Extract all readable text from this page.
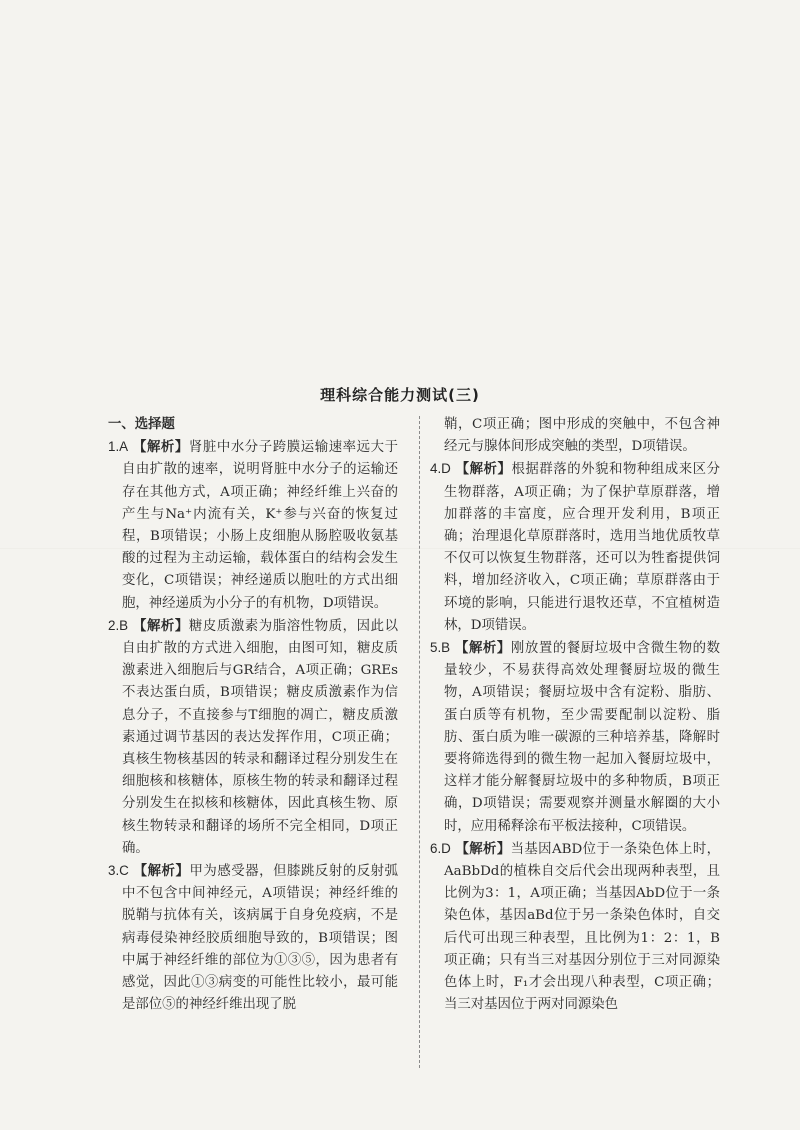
理科综合能力测试(三)
一、选择题
1.A 【解析】肾脏中水分子跨膜运输速率远大于自由扩散的速率，说明肾脏中水分子的运输还存在其他方式，A项正确；神经纤维上兴奋的产生与Na⁺内流有关，K⁺参与兴奋的恢复过程，B项错误；小肠上皮细胞从肠腔吸收氨基酸的过程为主动运输，载体蛋白的结构会发生变化，C项错误；神经递质以胞吐的方式出细胞，神经递质为小分子的有机物，D项错误。
2.B 【解析】糖皮质激素为脂溶性物质，因此以自由扩散的方式进入细胞，由图可知，糖皮质激素进入细胞后与GR结合，A项正确；GREs不表达蛋白质，B项错误；糖皮质激素作为信息分子，不直接参与T细胞的凋亡，糖皮质激素通过调节基因的表达发挥作用，C项正确；真核生物核基因的转录和翻译过程分别发生在细胞核和核糖体，原核生物的转录和翻译过程分别发生在拟核和核糖体，因此真核生物、原核生物转录和翻译的场所不完全相同，D项正确。
3.C 【解析】甲为感受器，但膝跳反射的反射弧中不包含中间神经元，A项错误；神经纤维的脱鞘与抗体有关，该病属于自身免疫病，不是病毒侵染神经胶质细胞导致的，B项错误；图中属于神经纤维的部位为①③⑤，因为患者有感觉，因此①③病变的可能性比较小，最可能是部位⑤的神经纤维出现了脱
鞘，C项正确；图中形成的突触中，不包含神经元与腺体间形成突触的类型，D项错误。
4.D 【解析】根据群落的外貌和物种组成来区分生物群落，A项正确；为了保护草原群落，增加群落的丰富度，应合理开发利用，B项正确；治理退化草原群落时，选用当地优质牧草不仅可以恢复生物群落，还可以为牲畜提供饲料，增加经济收入，C项正确；草原群落由于环境的影响，只能进行退牧还草，不宜植树造林，D项错误。
5.B 【解析】刚放置的餐厨垃圾中含微生物的数量较少，不易获得高效处理餐厨垃圾的微生物，A项错误；餐厨垃圾中含有淀粉、脂肪、蛋白质等有机物，至少需要配制以淀粉、脂肪、蛋白质为唯一碳源的三种培养基，降解时要将筛选得到的微生物一起加入餐厨垃圾中，这样才能分解餐厨垃圾中的多种物质，B项正确，D项错误；需要观察并测量水解圈的大小时，应用稀释涂布平板法接种，C项错误。
6.D 【解析】当基因ABD位于一条染色体上时，AaBbDd的植株自交后代会出现两种表型，且比例为3：1，A项正确；当基因AbD位于一条染色体，基因aBd位于另一条染色体时，自交后代可出现三种表型，且比例为1：2：1，B项正确；只有当三对基因分别位于三对同源染色体上时，F₁才会出现八种表型，C项正确；当三对基因位于两对同源染色
